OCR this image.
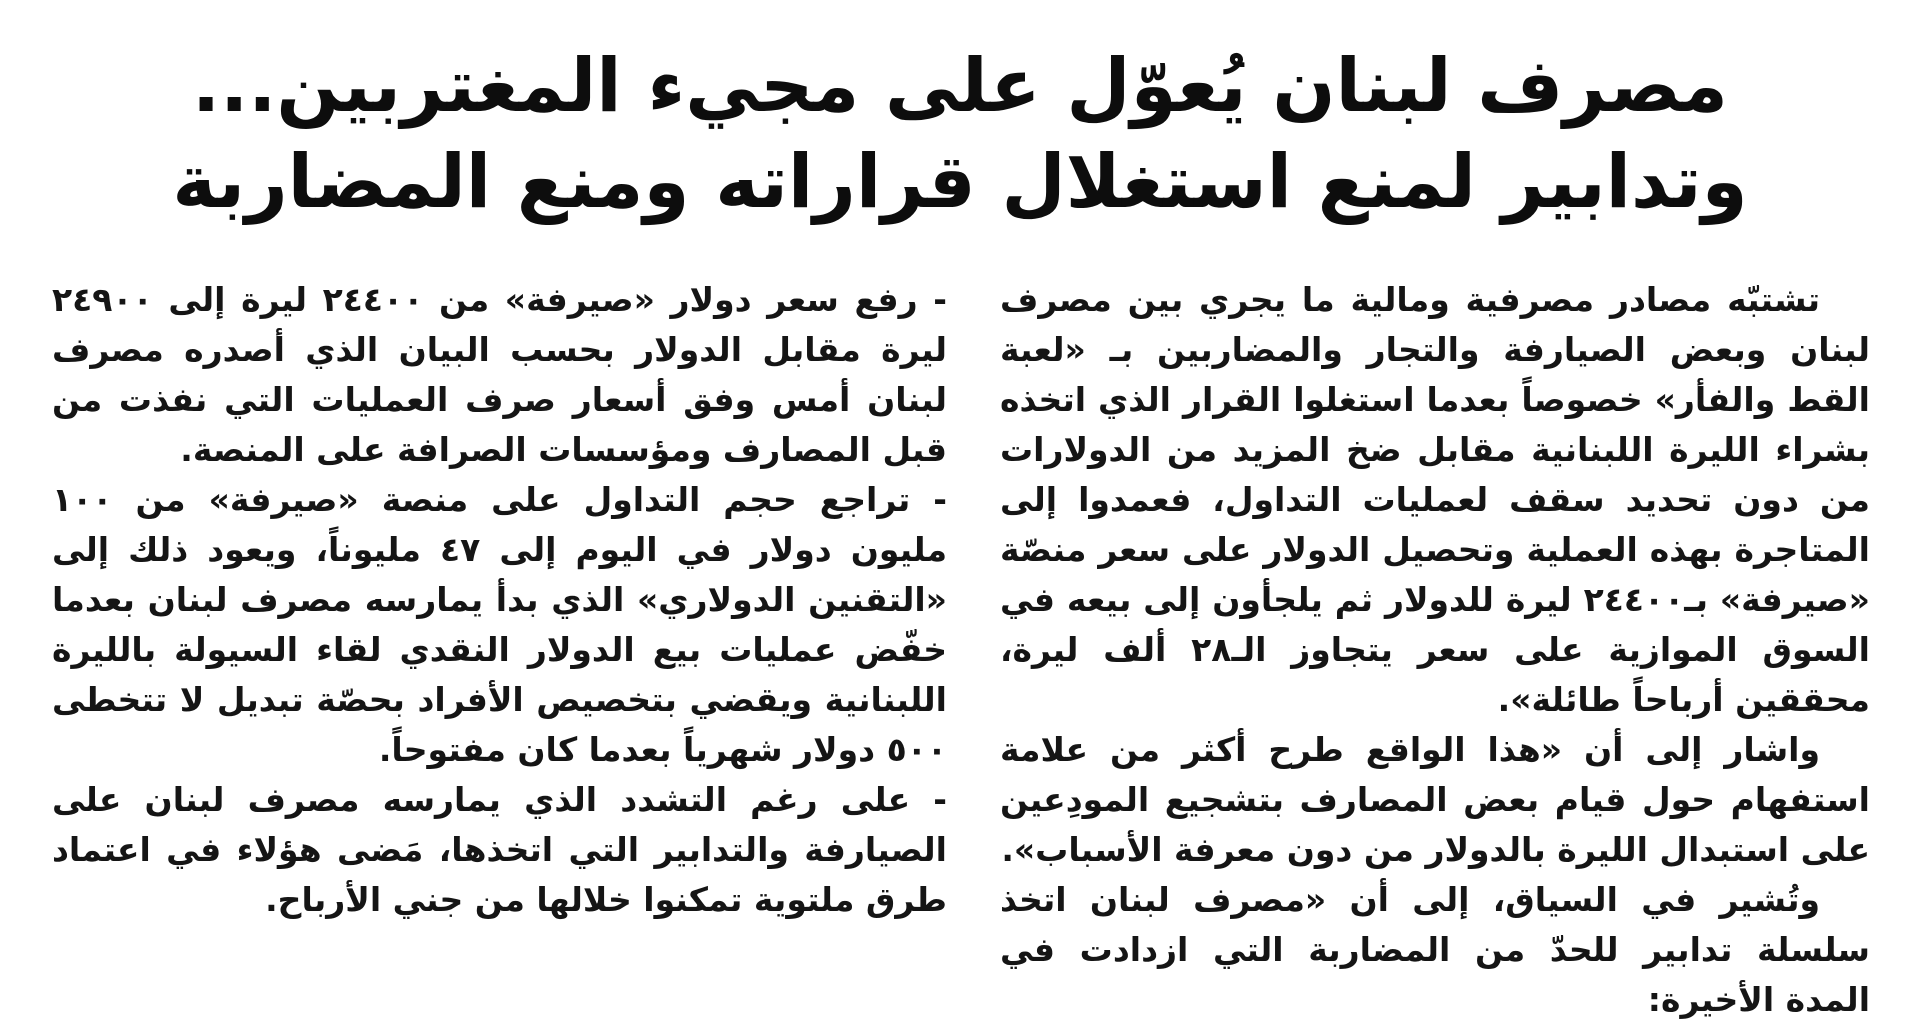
مصرف لبنان يُعوّل على مجيء المغتربين...
وتدابير لمنع استغلال قراراته ومنع المضاربة

تشتبّه مصادر مصرفية ومالية ما يجري بين مصرف لبنان وبعض الصيارفة والتجار والمضاربين بـ «لعبة القط والفأر» خصوصاً بعدما استغلوا القرار الذي اتخذه بشراء الليرة اللبنانية مقابل ضخ المزيد من الدولارات من دون تحديد سقف لعمليات التداول، فعمدوا إلى المتاجرة بهذه العملية وتحصيل الدولار على سعر منصّة «صيرفة» بـ٢٤٤٠٠ ليرة للدولار ثم يلجأون إلى بيعه في السوق الموازية على سعر يتجاوز الـ٢٨ ألف ليرة، محققين أرباحاً طائلة».

واشار إلى أن «هذا الواقع طرح أكثر من علامة استفهام حول قيام بعض المصارف بتشجيع المودِعين على استبدال الليرة بالدولار من دون معرفة الأسباب».

وتُشير في السياق، إلى أن «مصرف لبنان اتخذ سلسلة تدابير للحدّ من المضاربة التي ازدادت في المدة الأخيرة:

- رفع سعر دولار «صيرفة» من ٢٤٤٠٠ ليرة إلى ٢٤٩٠٠ ليرة مقابل الدولار بحسب البيان الذي أصدره مصرف لبنان أمس وفق أسعار صرف العمليات التي نفذت من قبل المصارف ومؤسسات الصرافة على المنصة.

- تراجع حجم التداول على منصة «صيرفة» من ١٠٠ مليون دولار في اليوم إلى ٤٧ مليوناً، ويعود ذلك إلى «التقنين الدولاري» الذي بدأ يمارسه مصرف لبنان بعدما خفّض عمليات بيع الدولار النقدي لقاء السيولة بالليرة اللبنانية ويقضي بتخصيص الأفراد بحصّة تبديل لا تتخطى ٥٠٠ دولار شهرياً بعدما كان مفتوحاً.

- على رغم التشدد الذي يمارسه مصرف لبنان على الصيارفة والتدابير التي اتخذها، مَضى هؤلاء في اعتماد طرق ملتوية تمكنوا خلالها من جني الأرباح.
